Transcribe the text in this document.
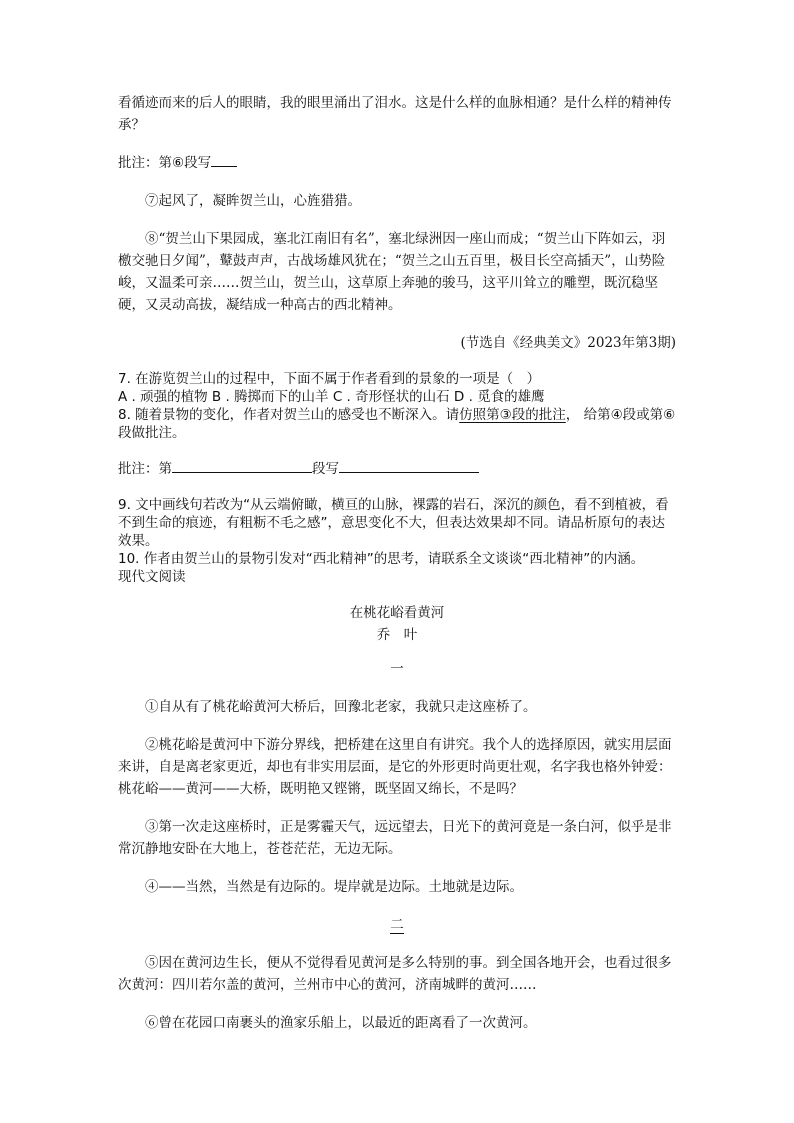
看循迹而来的后人的眼睛，我的眼里涌出了泪水。这是什么样的血脉相通？是什么样的精神传承？

批注：第⑥段写

⑦起风了，凝眸贺兰山，心旌猎猎。

⑧“贺兰山下果园成，塞北江南旧有名”，塞北绿洲因一座山而成；“贺兰山下阵如云，羽檄交驰日夕闻”，鼙鼓声声，古战场雄风犹在；“贺兰之山五百里，极目长空高插天”，山势险峻，又温柔可亲……贺兰山，贺兰山，这草原上奔驰的骏马，这平川耸立的雕塑，既沉稳坚硬，又灵动高拔，凝结成一种高古的西北精神。

(节选自《经典美文》2023年第3期)

7. 在游览贺兰山的过程中，下面不属于作者看到的景象的一项是（　）

A . 顽强的植物 B . 腾掷而下的山羊 C . 奇形怪状的山石 D . 觅食的雄鹰

8. 随着景物的变化，作者对贺兰山的感受也不断深入。请仿照第③段的批注， 给第④段或第⑥段做批注。

批注：第	段写

9. 文中画线句若改为“从云端俯瞰，横亘的山脉，裸露的岩石，深沉的颜色，看不到植被，看不到生命的痕迹，有粗粝不毛之感”，意思变化不大，但表达效果却不同。请品析原句的表达效果。

10. 作者由贺兰山的景物引发对“西北精神”的思考，请联系全文谈谈“西北精神”的内涵。

现代文阅读

在桃花峪看黄河

乔　叶

一

①自从有了桃花峪黄河大桥后，回豫北老家，我就只走这座桥了。

②桃花峪是黄河中下游分界线，把桥建在这里自有讲究。我个人的选择原因，就实用层面来讲，自是离老家更近，却也有非实用层面，是它的外形更时尚更壮观，名字我也格外钟爱：桃花峪——黄河——大桥，既明艳又铿锵，既坚固又绵长，不是吗？

③第一次走这座桥时，正是雾霾天气，远远望去，日光下的黄河竟是一条白河，似乎是非常沉静地安卧在大地上，苍苍茫茫，无边无际。

④——当然，当然是有边际的。堤岸就是边际。土地就是边际。

二

⑤因在黄河边生长，便从不觉得看见黄河是多么特别的事。到全国各地开会，也看过很多次黄河：四川若尔盖的黄河，兰州市中心的黄河，济南城畔的黄河……

⑥曾在花园口南裹头的渔家乐船上，以最近的距离看了一次黄河。
